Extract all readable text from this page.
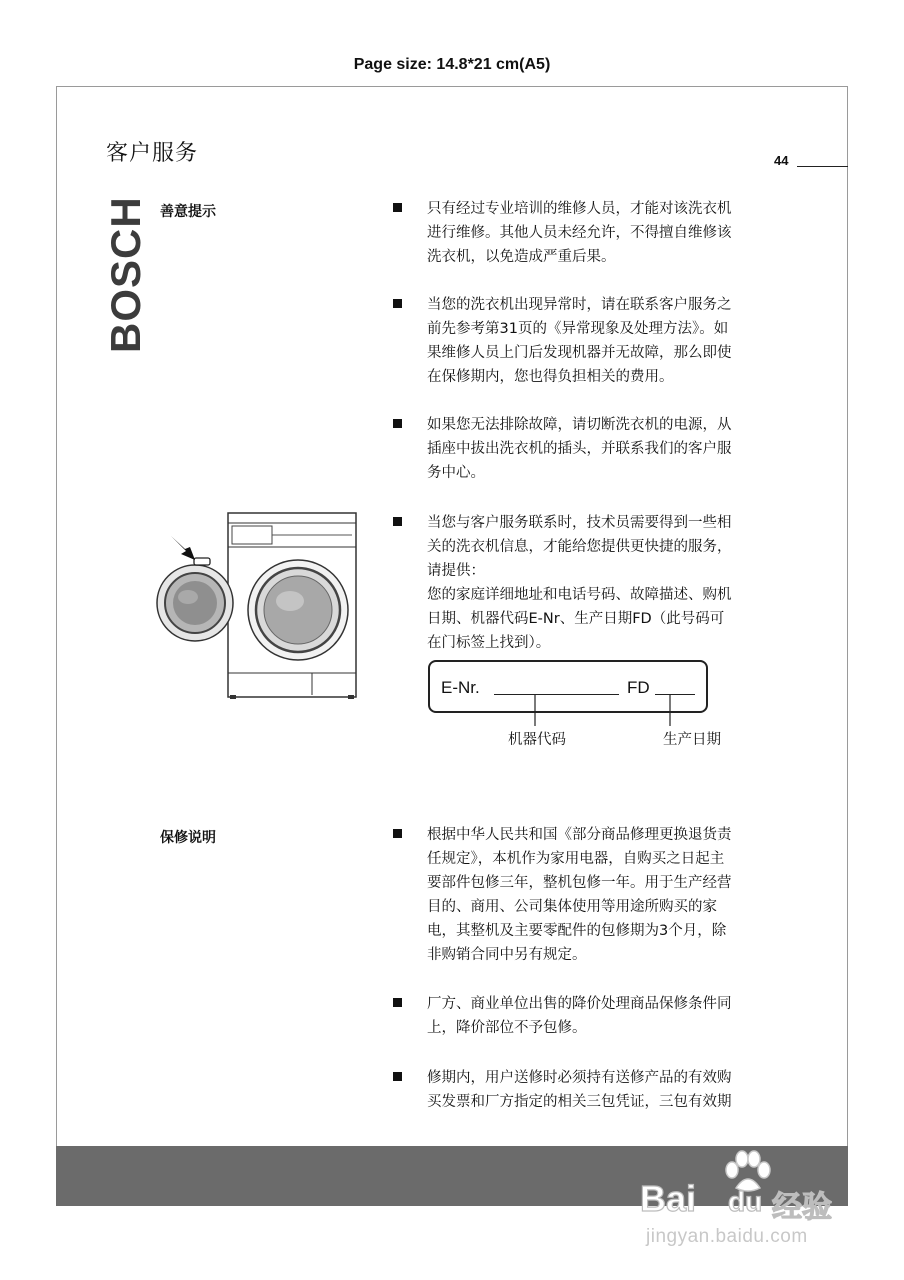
Page size: 14.8*21 cm(A5)
客户服务	44
BOSCH 善意提示	只有经过专业培训的维修人员，才能对该洗衣机
进行维修。其他人员未经允许，不得擅自维修该
洗衣机，以免造成严重后果。
当您的洗衣机出现异常时，请在联系客户服务之
前先参考第31页的《异常现象及处理方法》。如
果维修人员上门后发现机器并无故障，那么即使
在保修期内，您也得负担相关的费用。
如果您无法排除故障，请切断洗衣机的电源，从
插座中拔出洗衣机的插头，并联系我们的客户服
务中心。
当您与客户服务联系时，技术员需要得到一些相
关的洗衣机信息，才能给您提供更快捷的服务，
请提供：
您的家庭详细地址和电话号码、故障描述、购机
日期、机器代码E-Nr、生产日期FD（此号码可
在门标签上找到）。
E-Nr.	FD
机器代码	生产日期
保修说明	根据中华人民共和国《部分商品修理更换退货责
任规定》，本机作为家用电器，自购买之日起主
要部件包修三年，整机包修一年。用于生产经营
目的、商用、公司集体使用等用途所购买的家
电，其整机及主要零配件的包修期为3个月，除
非购销合同中另有规定。
厂方、商业单位出售的降价处理商品保修条件同
上，降价部位不予包修。
修期内，用户送修时必须持有送修产品的有效购
买发票和厂方指定的相关三包凭证，三包有效期
Bai du 经验
jingyan.baidu.com
